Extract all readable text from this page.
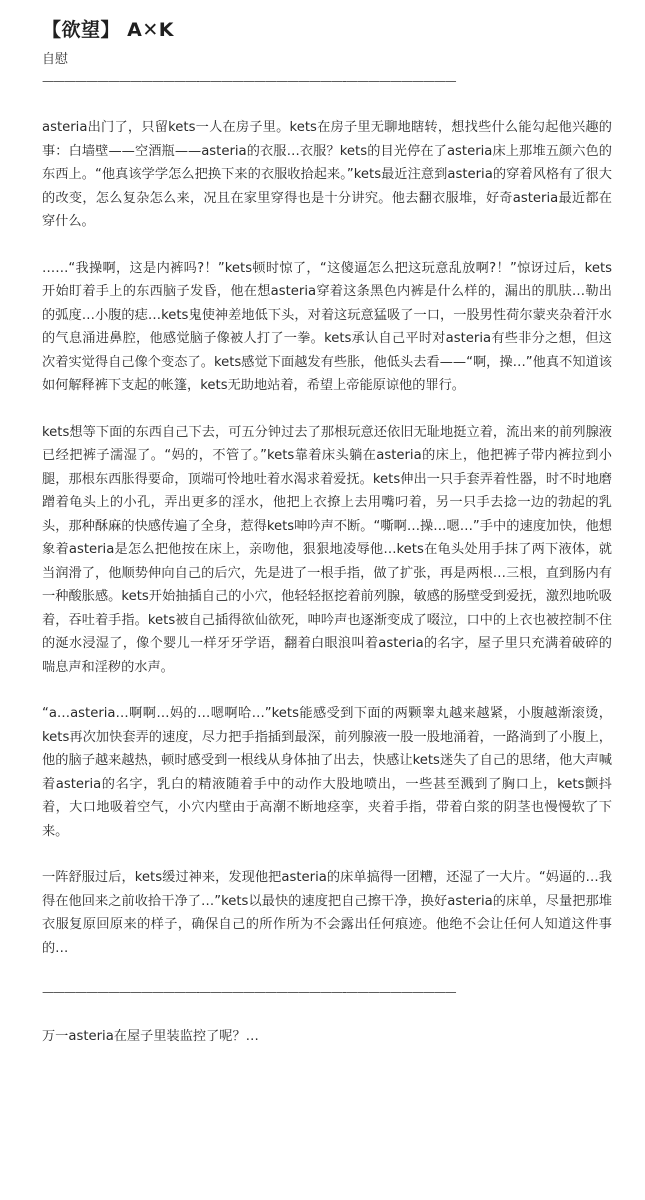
【欲望】 A✕K
自慰
——————————————-—————————————-——————————

asteria出门了，只留kets一人在房子里。kets在房子里无聊地瞎转，想找些什么能勾起他兴趣的事：白墙壁——空酒瓶——asteria的衣服…衣服？kets的目光停在了asteria床上那堆五颜六色的东西上。“他真该学学怎么把换下来的衣服收拾起来。”kets最近注意到asteria的穿着风格有了很大的改变，怎么复杂怎么来，况且在家里穿得也是十分讲究。他去翻衣服堆，好奇asteria最近都在穿什么。

……“我操啊，这是内裤吗?！”kets顿时惊了，“这傻逼怎么把这玩意乱放啊?！”惊讶过后，kets开始盯着手上的东西脑子发昏，他在想asteria穿着这条黑色内裤是什么样的，漏出的肌肤…勒出的弧度…小腹的痣…kets鬼使神差地低下头，对着这玩意猛吸了一口，一股男性荷尔蒙夹杂着汗水的气息涌进鼻腔，他感觉脑子像被人打了一拳。kets承认自己平时对asteria有些非分之想，但这次着实觉得自己像个变态了。kets感觉下面越发有些胀，他低头去看——“啊，操…”他真不知道该如何解释裤下支起的帐篷，kets无助地站着，希望上帝能原谅他的罪行。

kets想等下面的东西自己下去，可五分钟过去了那根玩意还依旧无耻地挺立着，流出来的前列腺液已经把裤子濡湿了。“妈的，不管了。”kets靠着床头躺在asteria的床上，他把裤子带内裤拉到小腿，那根东西胀得要命，顶端可怜地吐着水渴求着爱抚。kets伸出一只手套弄着性器，时不时地磨蹭着龟头上的小孔，弄出更多的淫水，他把上衣撩上去用嘴叼着，另一只手去捻一边的勃起的乳头，那种酥麻的快感传遍了全身，惹得kets呻吟声不断。“嘶啊…操…嗯…”手中的速度加快，他想象着asteria是怎么把他按在床上，亲吻他，狠狠地凌辱他…kets在龟头处用手抹了两下液体，就当润滑了，他顺势伸向自己的后穴，先是进了一根手指，做了扩张，再是两根…三根，直到肠内有一种酸胀感。kets开始抽插自己的小穴，他轻轻抠挖着前列腺，敏感的肠壁受到爱抚，激烈地吮吸着，吞吐着手指。kets被自己插得欲仙欲死，呻吟声也逐渐变成了啜泣，口中的上衣也被控制不住的涎水浸湿了，像个婴儿一样牙牙学语，翻着白眼浪叫着asteria的名字，屋子里只充满着破碎的喘息声和淫秽的水声。

“a…asteria…啊啊…妈的…嗯啊哈…”kets能感受到下面的两颗睾丸越来越紧，小腹越渐滚烫，kets再次加快套弄的速度，尽力把手指插到最深，前列腺液一股一股地涌着，一路淌到了小腹上，他的脑子越来越热，顿时感受到一根线从身体抽了出去，快感让kets迷失了自己的思绪，他大声喊着asteria的名字，乳白的精液随着手中的动作大股地喷出，一些甚至溅到了胸口上，kets颤抖着，大口地吸着空气，小穴内壁由于高潮不断地痉挛，夹着手指，带着白浆的阴茎也慢慢软了下来。

一阵舒服过后，kets缓过神来，发现他把asteria的床单搞得一团糟，还湿了一大片。“妈逼的…我得在他回来之前收拾干净了…”kets以最快的速度把自己擦干净，换好asteria的床单，尽量把那堆衣服复原回原来的样子，确保自己的所作所为不会露出任何痕迹。他绝不会让任何人知道这件事的…

——————————————-—————————————-——————————

万一asteria在屋子里装监控了呢？…
